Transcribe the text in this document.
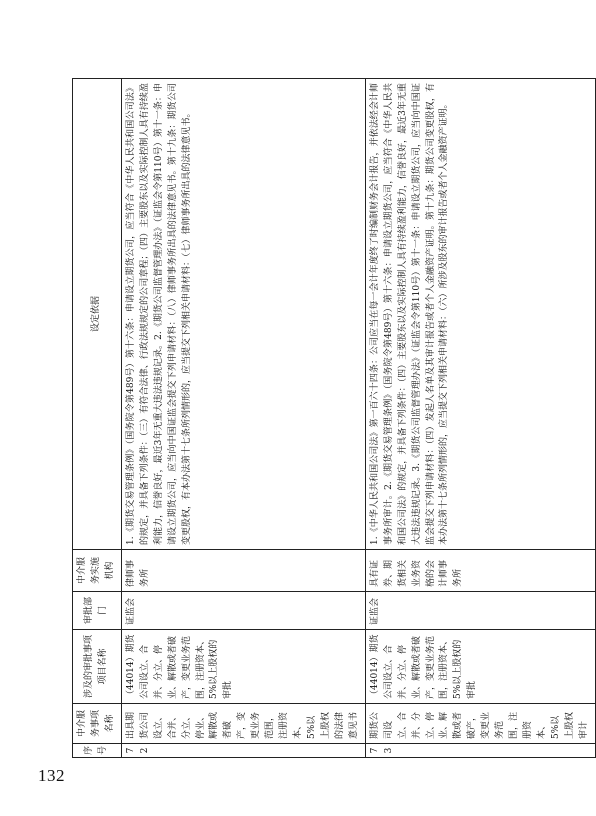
序号	中介服务事项名称	涉及的审批事项项目名称	审批部门	中介服务实施机构	设定依据
72	出具期货公司设立、合并、分立、停业、解散或者破产，变更业务范围，注册资本、5%以上股权的法律意见书	（44014）期货公司设立、合并、分立、停业、解散或者破产，变更业务范围，注册资本、5%以上股权的审批	证监会	律师事务所	1.《期货交易管理条例》（国务院令第489号）第十六条：申请设立期货公司，应当符合《中华人民共和国公司法》的规定，并具备下列条件：（三）有符合法律、行政法规规定的公司章程；（四）主要股东以及实际控制人具有持续盈利能力，信誉良好，最近3年无重大违法违规记录。2.《期货公司监督管理办法》（证监会令第110号）第十一条：申请设立期货公司，应当向中国证监会提交下列申请材料：（八）律师事务所出具的法律意见书。第十九条：期货公司变更股权，有本办法第十七条所列情形的，应当提交下列相关申请材料：（七）律师事务所出具的法律意见书。
73	期货公司设立、合并、分立、停业、解散或者破产，变更业务范围，注册资本、5%以上股权审计	（44014）期货公司设立、合并、分立、停业、解散或者破产，变更业务范围，注册资本、5%以上股权的审批	证监会	具有证券、期货相关业务资格的会计师事务所	1.《中华人民共和国公司法》第一百六十四条：公司应当在每一会计年度终了时编制财务会计报告，并依法经会计师事务所审计。2.《期货交易管理条例》（国务院令第489号）第十六条：申请设立期货公司，应当符合《中华人民共和国公司法》的规定，并具备下列条件：（四）主要股东以及实际控制人具有持续盈利能力，信誉良好，最近3年无重大违法违规记录。3.《期货公司监督管理办法》（证监会令第110号）第十一条：申请设立期货公司，应当向中国证监会提交下列申请材料：（四）发起人名单及其审计报告或者个人金融资产证明。第十九条：期货公司变更股权，有本办法第十七条所列情形的，应当提交下列相关申请材料：（六）所涉及股东的审计报告或者个人金融资产证明。
132
